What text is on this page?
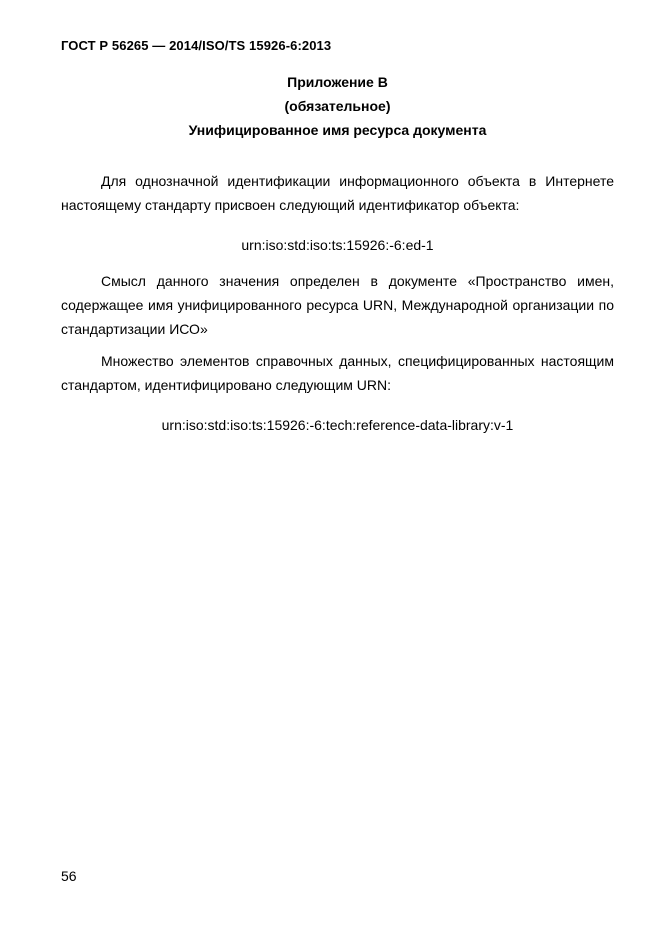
ГОСТ Р 56265 — 2014/ISO/TS 15926-6:2013
Приложение В
(обязательное)
Унифицированное имя ресурса документа

Для однозначной идентификации информационного объекта в Интернете настоящему стандарту присвоен следующий идентификатор объекта:

urn:iso:std:iso:ts:15926:-6:ed-1

Смысл данного значения определен в документе «Пространство имен, содержащее имя унифицированного ресурса URN, Международной организации по стандартизации ИСО»

Множество элементов справочных данных, специфицированных настоящим стандартом, идентифицировано следующим URN:

urn:iso:std:iso:ts:15926:-6:tech:reference-data-library:v-1
56
